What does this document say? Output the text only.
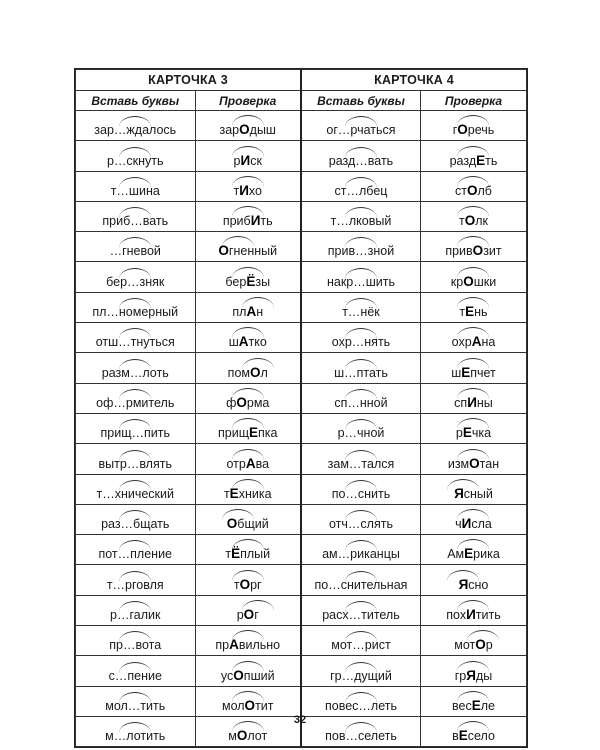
КАРТОЧКА 3		КАРТОЧКА 4	
Вставь буквы	Проверка	Вставь буквы	Проверка

зар…ждалось	зарОдыш	ог…рчаться	гОречь

р…скнуть	рИск	разд…вать	раздЕть

т…шина	тИхо	ст…лбец	стОлб

приб…вать	прибИть	т…лковый	тОлк

…гневой	Огненный	прив…зной	привОзит

бер…зняк	берЁзы	накр…шить	крОшки

пл…номерный	плАн	т…нёк	тЕнь

отш…тнуться	шАтко	охр…нять	охрАна

разм…лоть	помОл	ш…птать	шЕпчет

оф…рмитель	фОрма	сп…нной	спИны

прищ…пить	прищЕпка	р…чной	рЕчка

вытр…влять	отрАва	зам…тался	измОтан

т…хнический	тЕхника	по…снить	Ясный

раз…бщать	Общий	отч…слять	чИсла

пот…пление	тЁплый	ам…риканцы	АмЕрика

т…рговля	тОрг	по…снительная	Ясно

р…галик	рОг	расх…титель	похИтить

пр…вота	прАвильно	мот…рист	мотОр

с…пение	усОпший	гр…дущий	грЯды

мол…тить	молОтит	повес…леть	весЕле

м…лотить	мОлот	пов…селеть	вЕсело
32
